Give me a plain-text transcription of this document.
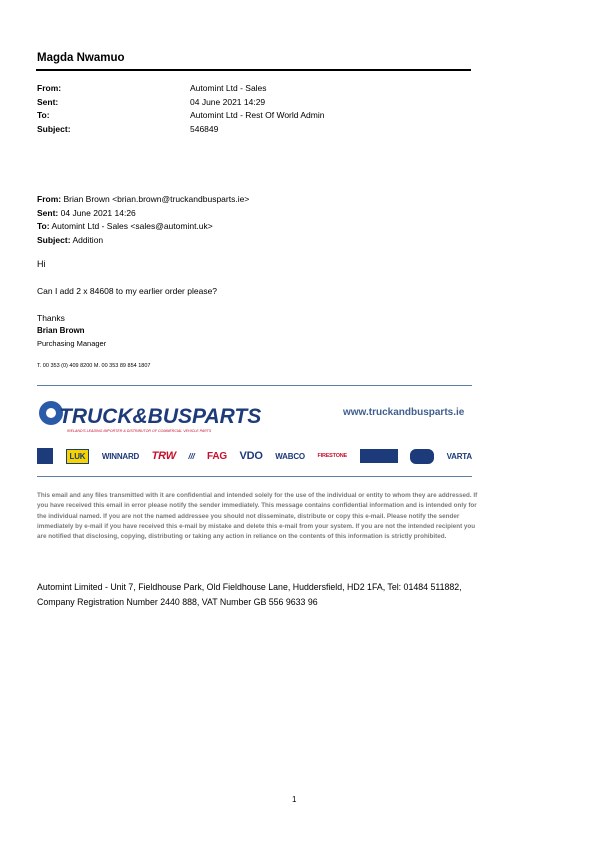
Magda Nwamuo
From:	Automint Ltd - Sales
Sent:	04 June 2021 14:29
To:	Automint Ltd - Rest Of World Admin
Subject:	546849
From: Brian Brown <brian.brown@truckandbusparts.ie>
Sent: 04 June 2021 14:26
To: Automint Ltd - Sales <sales@automint.uk>
Subject: Addition
Hi
Can I add 2 x 84608 to my earlier order please?
Thanks
Brian Brown
Purchasing Manager
T. 00 353 (0) 409 8200 M. 00 353 89 854 1807
TRUCK&BUSPARTS
IRELAND'S LEADING IMPORTER & DISTRIBUTOR OF COMMERCIAL VEHICLE PARTS
www.truckandbusparts.ie
LUK	WINNARD TRW /// FAG VDO WABCO FIRESTONE	VARTA
This email and any files transmitted with it are confidential and intended solely for the use of the individual or entity to whom they are addressed. If you have received this email in error please notify the sender immediately. This message contains confidential information and is intended only for the individual named. If you are not the named addressee you should not disseminate, distribute or copy this e-mail. Please notify the sender immediately by e-mail if you have received this e-mail by mistake and delete this e-mail from your system. If you are not the intended recipient you are notified that disclosing, copying, distributing or taking any action in reliance on the contents of this information is strictly prohibited.
Automint Limited - Unit 7, Fieldhouse Park, Old Fieldhouse Lane, Huddersfield, HD2 1FA, Tel: 01484 511882,
Company Registration Number 2440 888, VAT Number GB 556 9633 96
1
